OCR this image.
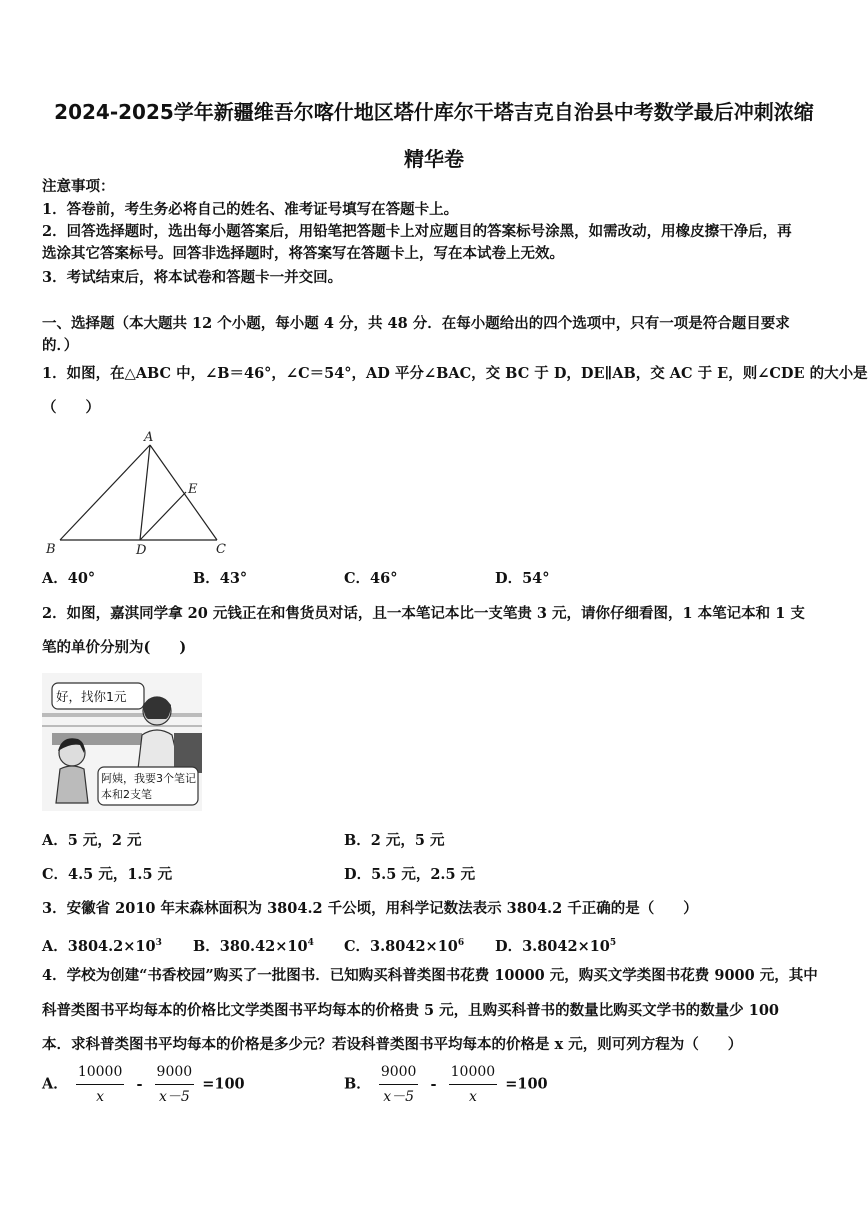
2024-2025学年新疆维吾尔喀什地区塔什库尔干塔吉克自治县中考数学最后冲刺浓缩
精华卷
注意事项：
1．答卷前，考生务必将自己的姓名、准考证号填写在答题卡上。
2．回答选择题时，选出每小题答案后，用铅笔把答题卡上对应题目的答案标号涂黑，如需改动，用橡皮擦干净后，再
选涂其它答案标号。回答非选择题时，将答案写在答题卡上，写在本试卷上无效。
3．考试结束后，将本试卷和答题卡一并交回。
一、选择题（本大题共 12 个小题，每小题 4 分，共 48 分．在每小题给出的四个选项中，只有一项是符合题目要求
的．）
1．如图，在△ABC 中，∠B＝46°，∠C＝54°，AD 平分∠BAC，交 BC 于 D，DE∥AB，交 AC 于 E，则∠CDE 的大小是
（　　）
A
B	C
D
E
A．40°	B．43°	C．46°	D．54°
2．如图，嘉淇同学拿 20 元钱正在和售货员对话，且一本笔记本比一支笔贵 3 元，请你仔细看图，1 本笔记本和 1 支
笔的单价分别为(　　)
好，找你1元
阿姨，我要3个笔记
本和2支笔
A．5 元，2 元	B．2 元，5 元
C．4.5 元，1.5 元	D．5.5 元，2.5 元
3．安徽省 2010 年末森林面积为 3804.2 千公顷，用科学记数法表示 3804.2 千正确的是（　　）
A．$3804.2\times 10^3$ B．$380.42\times 10^4$ C．$3.8042\times 10^6$ D．$3.8042\times 10^5$
4．学校为创建“书香校园”购买了一批图书．已知购买科普类图书花费 10000 元，购买文学类图书花费 9000 元，其中
科普类图书平均每本的价格比文学类图书平均每本的价格贵 5 元，且购买科普书的数量比购买文学书的数量少 100
本．求科普类图书平均每本的价格是多少元？若设科普类图书平均每本的价格是 x 元，则可列方程为（　　）
A． $\frac{10000}{x} - \frac{9000}{x-5} =100$	B． $\frac{9000}{x-5} - \frac{10000}{x} =100$
